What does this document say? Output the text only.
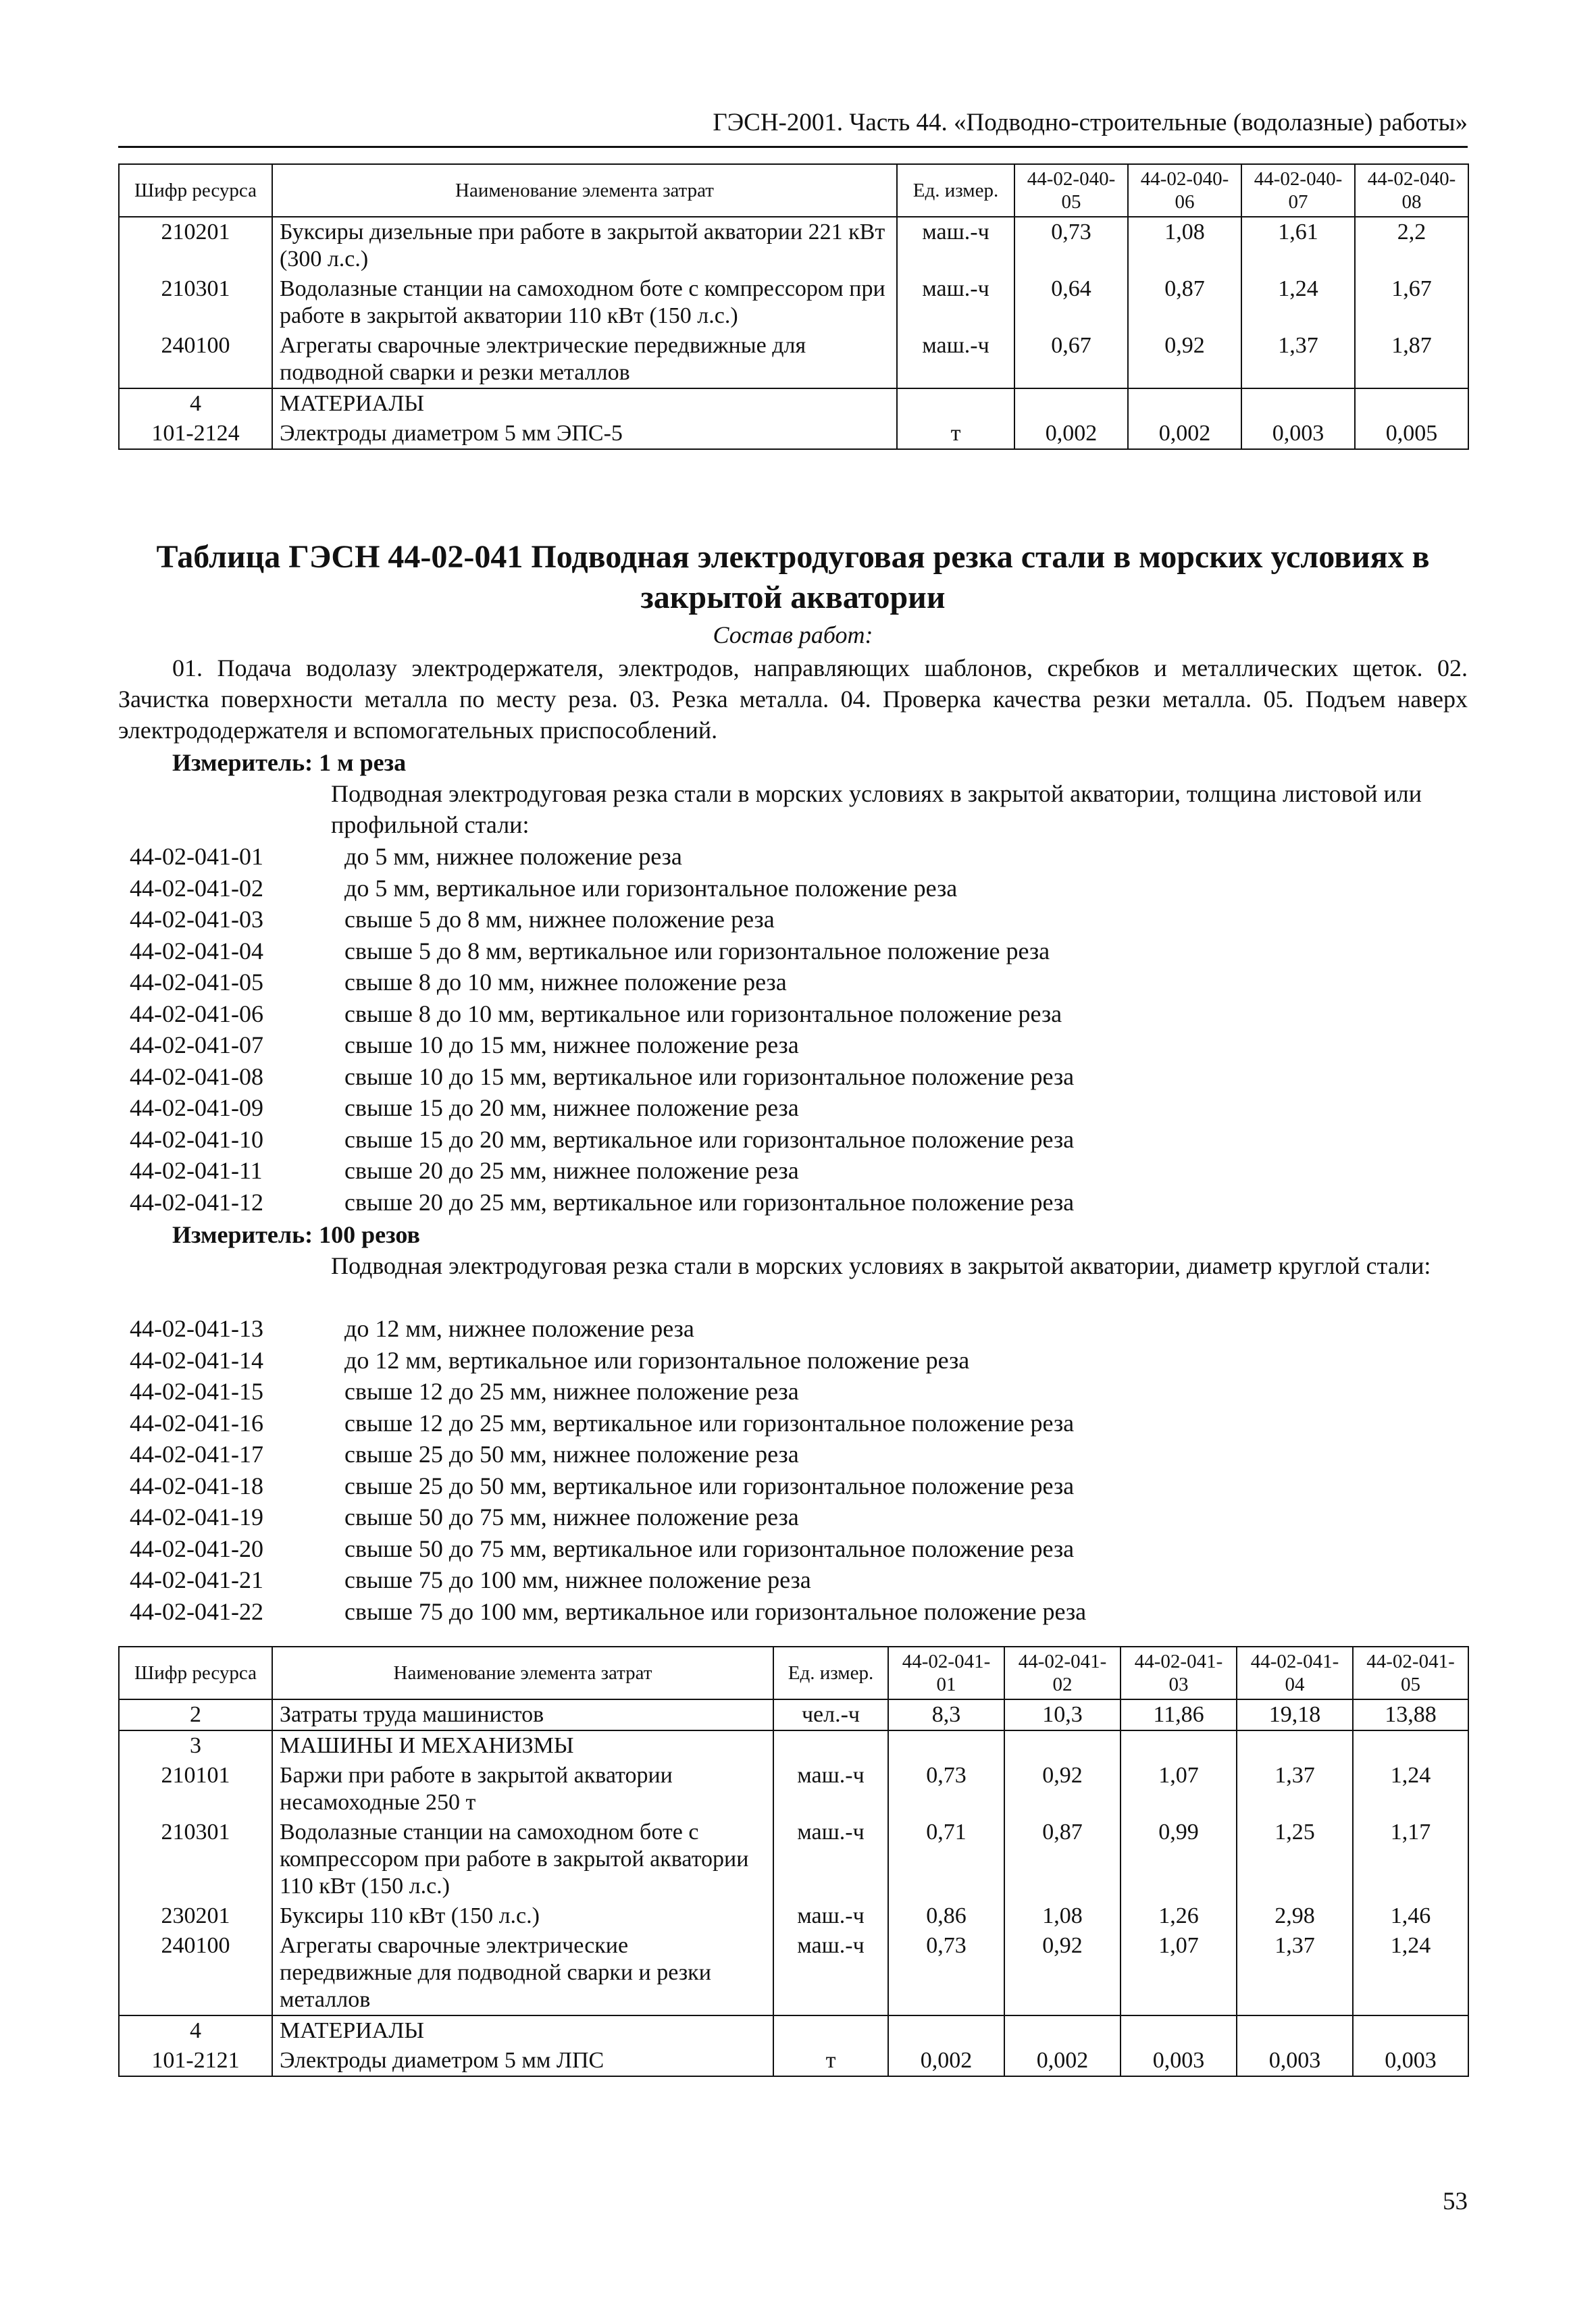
ГЭСН-2001. Часть 44. «Подводно-строительные (водолазные) работы»
Шифр ресурса	Наименование элемента затрат	Ед. измер.	44-02-040-05	44-02-040-06	44-02-040-07	44-02-040-08
210201	Буксиры дизельные при работе в закрытой акватории 221 кВт (300 л.с.)	маш.-ч	0,73	1,08	1,61	2,2
210301	Водолазные станции на самоходном боте с компрессором при работе в закрытой акватории 110 кВт (150 л.с.)	маш.-ч	0,64	0,87	1,24	1,67
240100	Агрегаты сварочные электрические передвижные для подводной сварки и резки металлов	маш.-ч	0,67	0,92	1,37	1,87
4	МАТЕРИАЛЫ					
101-2124	Электроды диаметром 5 мм ЭПС-5	т	0,002	0,002	0,003	0,005
Таблица ГЭСН 44-02-041 Подводная электродуговая резка стали в морских условиях в закрытой акватории
Состав работ:
01. Подача водолазу электродержателя, электродов, направляющих шаблонов, скребков и металлических щеток. 02. Зачистка поверхности металла по месту реза. 03. Резка металла. 04. Проверка качества резки металла. 05. Подъем наверх электрододержателя и вспомогательных приспособлений.
Измеритель: 1 м реза
Подводная электродуговая резка стали в морских условиях в закрытой акватории, толщина листовой или профильной стали:
44-02-041-01	до 5 мм, нижнее положение реза
44-02-041-02	до 5 мм, вертикальное или горизонтальное положение реза
44-02-041-03	свыше 5 до 8 мм, нижнее положение реза
44-02-041-04	свыше 5 до 8 мм, вертикальное или горизонтальное положение реза
44-02-041-05	свыше 8 до 10 мм, нижнее положение реза
44-02-041-06	свыше 8 до 10 мм, вертикальное или горизонтальное положение реза
44-02-041-07	свыше 10 до 15 мм, нижнее положение реза
44-02-041-08	свыше 10 до 15 мм, вертикальное или горизонтальное положение реза
44-02-041-09	свыше 15 до 20 мм, нижнее положение реза
44-02-041-10	свыше 15 до 20 мм, вертикальное или горизонтальное положение реза
44-02-041-11	свыше 20 до 25 мм, нижнее положение реза
44-02-041-12	свыше 20 до 25 мм, вертикальное или горизонтальное положение реза
Измеритель: 100 резов
Подводная электродуговая резка стали в морских условиях в закрытой акватории, диаметр круглой стали:
44-02-041-13	до 12 мм, нижнее положение реза
44-02-041-14	до 12 мм, вертикальное или горизонтальное положение реза
44-02-041-15	свыше 12 до 25 мм, нижнее положение реза
44-02-041-16	свыше 12 до 25 мм, вертикальное или горизонтальное положение реза
44-02-041-17	свыше 25 до 50 мм, нижнее положение реза
44-02-041-18	свыше 25 до 50 мм, вертикальное или горизонтальное положение реза
44-02-041-19	свыше 50 до 75 мм, нижнее положение реза
44-02-041-20	свыше 50 до 75 мм, вертикальное или горизонтальное положение реза
44-02-041-21	свыше 75 до 100 мм, нижнее положение реза
44-02-041-22	свыше 75 до 100 мм, вертикальное или горизонтальное положение реза
Шифр ресурса	Наименование элемента затрат	Ед. измер.	44-02-041-01	44-02-041-02	44-02-041-03	44-02-041-04	44-02-041-05
2	Затраты труда машинистов	чел.-ч	8,3	10,3	11,86	19,18	13,88
3	МАШИНЫ И МЕХАНИЗМЫ						
210101	Баржи при работе в закрытой акватории несамоходные 250 т	маш.-ч	0,73	0,92	1,07	1,37	1,24
210301	Водолазные станции на самоходном боте с компрессором при работе в закрытой акватории 110 кВт (150 л.с.)	маш.-ч	0,71	0,87	0,99	1,25	1,17
230201	Буксиры 110 кВт (150 л.с.)	маш.-ч	0,86	1,08	1,26	2,98	1,46
240100	Агрегаты сварочные электрические передвижные для подводной сварки и резки металлов	маш.-ч	0,73	0,92	1,07	1,37	1,24
4	МАТЕРИАЛЫ						
101-2121	Электроды диаметром 5 мм ЛПС	т	0,002	0,002	0,003	0,003	0,003
53
